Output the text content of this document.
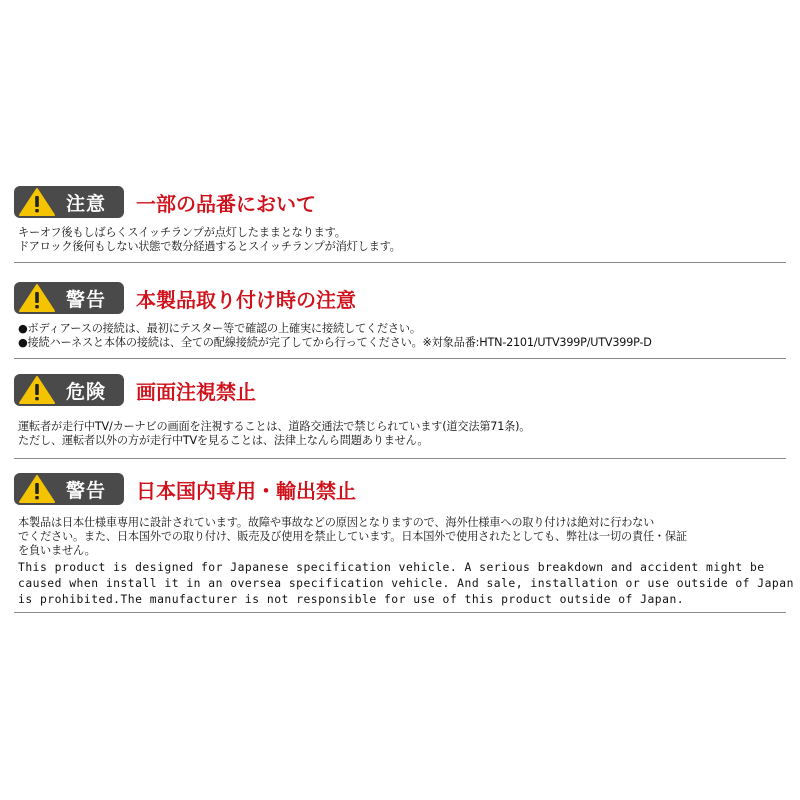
注意 一部の品番において
キーオフ後もしばらくスイッチランプが点灯したままとなります。
ドアロック後何もしない状態で数分経過するとスイッチランプが消灯します。
警告 本製品取り付け時の注意
●ボディアースの接続は、最初にテスター等で確認の上確実に接続してください。
●接続ハーネスと本体の接続は、全ての配線接続が完了してから行ってください。※対象品番:HTN-2101/UTV399P/UTV399P-D
危険 画面注視禁止
運転者が走行中TV/カーナビの画面を注視することは、道路交通法で禁じられています(道交法第71条)。
ただし、運転者以外の方が走行中TVを見ることは、法律上なんら問題ありません。
警告 日本国内専用・輸出禁止
本製品は日本仕様車専用に設計されています。故障や事故などの原因となりますので、海外仕様車への取り付けは絶対に行わない
でください。また、日本国外での取り付け、販売及び使用を禁止しています。日本国外で使用されたとしても、弊社は一切の責任・保証
を負いません。
This product is designed for Japanese specification vehicle. A serious breakdown and accident might be
caused when install it in an oversea specification vehicle. And sale, installation or use outside of Japan
is prohibited.The manufacturer is not responsible for use of this product outside of Japan.
